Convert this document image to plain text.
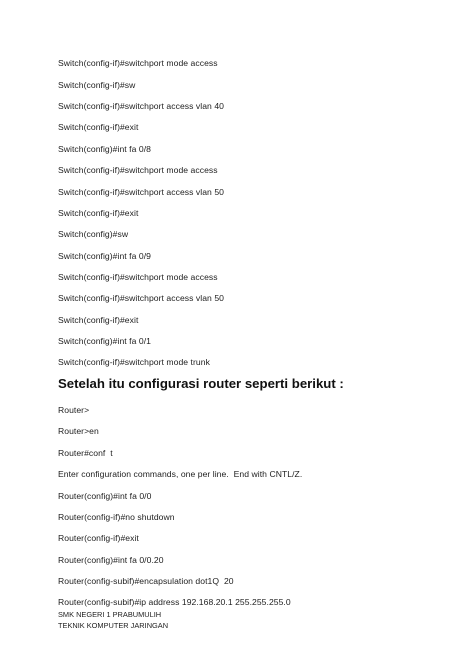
Switch(config-if)#switchport mode access
Switch(config-if)#sw
Switch(config-if)#switchport access vlan 40
Switch(config-if)#exit
Switch(config)#int fa 0/8
Switch(config-if)#switchport mode access
Switch(config-if)#switchport access vlan 50
Switch(config-if)#exit
Switch(config)#sw
Switch(config)#int fa 0/9
Switch(config-if)#switchport mode access
Switch(config-if)#switchport access vlan 50
Switch(config-if)#exit
Switch(config)#int fa 0/1
Switch(config-if)#switchport mode trunk
Setelah itu configurasi router seperti berikut :
Router>
Router>en
Router#conf  t
Enter configuration commands, one per line.  End with CNTL/Z.
Router(config)#int fa 0/0
Router(config-if)#no shutdown
Router(config-if)#exit
Router(config)#int fa 0/0.20
Router(config-subif)#encapsulation dot1Q  20
Router(config-subif)#ip address 192.168.20.1 255.255.255.0
SMK NEGERI 1 PRABUMULIH
TEKNIK KOMPUTER JARINGAN
